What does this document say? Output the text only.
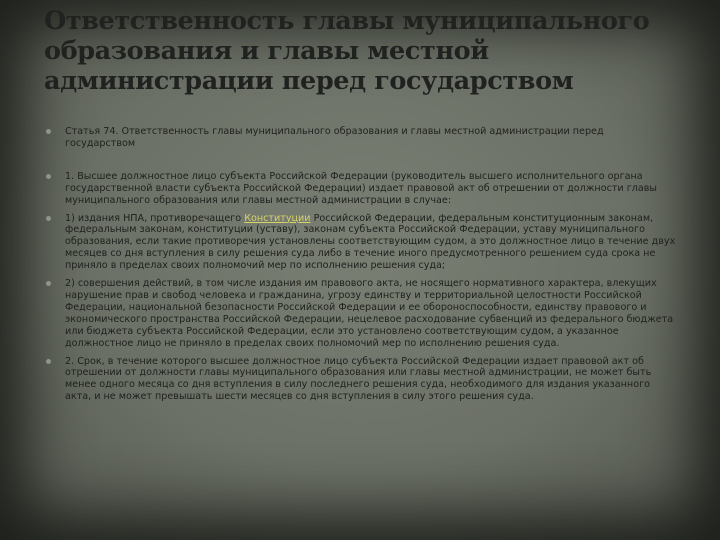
Ответственность главы муниципального образования и главы местной администрации перед государством
Статья 74. Ответственность главы муниципального образования и главы местной администрации перед государством
1. Высшее должностное лицо субъекта Российской Федерации (руководитель высшего исполнительного органа государственной власти субъекта Российской Федерации) издает правовой акт об отрешении от должности главы муниципального образования или главы местной администрации в случае:
1) издания НПА, противоречащего Конституции Российской Федерации, федеральным конституционным законам, федеральным законам, конституции (уставу), законам субъекта Российской Федерации, уставу муниципального образования, если такие противоречия установлены соответствующим судом, а это должностное лицо в течение двух месяцев со дня вступления в силу решения суда либо в течение иного предусмотренного решением суда срока не приняло в пределах своих полномочий мер по исполнению решения суда;
2) совершения действий, в том числе издания им правового акта, не носящего нормативного характера, влекущих нарушение прав и свобод человека и гражданина, угрозу единству и территориальной целостности Российской Федерации, национальной безопасности Российской Федерации и ее обороноспособности, единству правового и экономического пространства Российской Федерации, нецелевое расходование субвенций из федерального бюджета или бюджета субъекта Российской Федерации, если это установлено соответствующим судом, а указанное должностное лицо не приняло в пределах своих полномочий мер по исполнению решения суда.
2. Срок, в течение которого высшее должностное лицо субъекта Российской Федерации издает правовой акт об отрешении от должности главы муниципального образования или главы местной администрации, не может быть менее одного месяца со дня вступления в силу последнего решения суда, необходимого для издания указанного акта, и не может превышать шести месяцев со дня вступления в силу этого решения суда.
